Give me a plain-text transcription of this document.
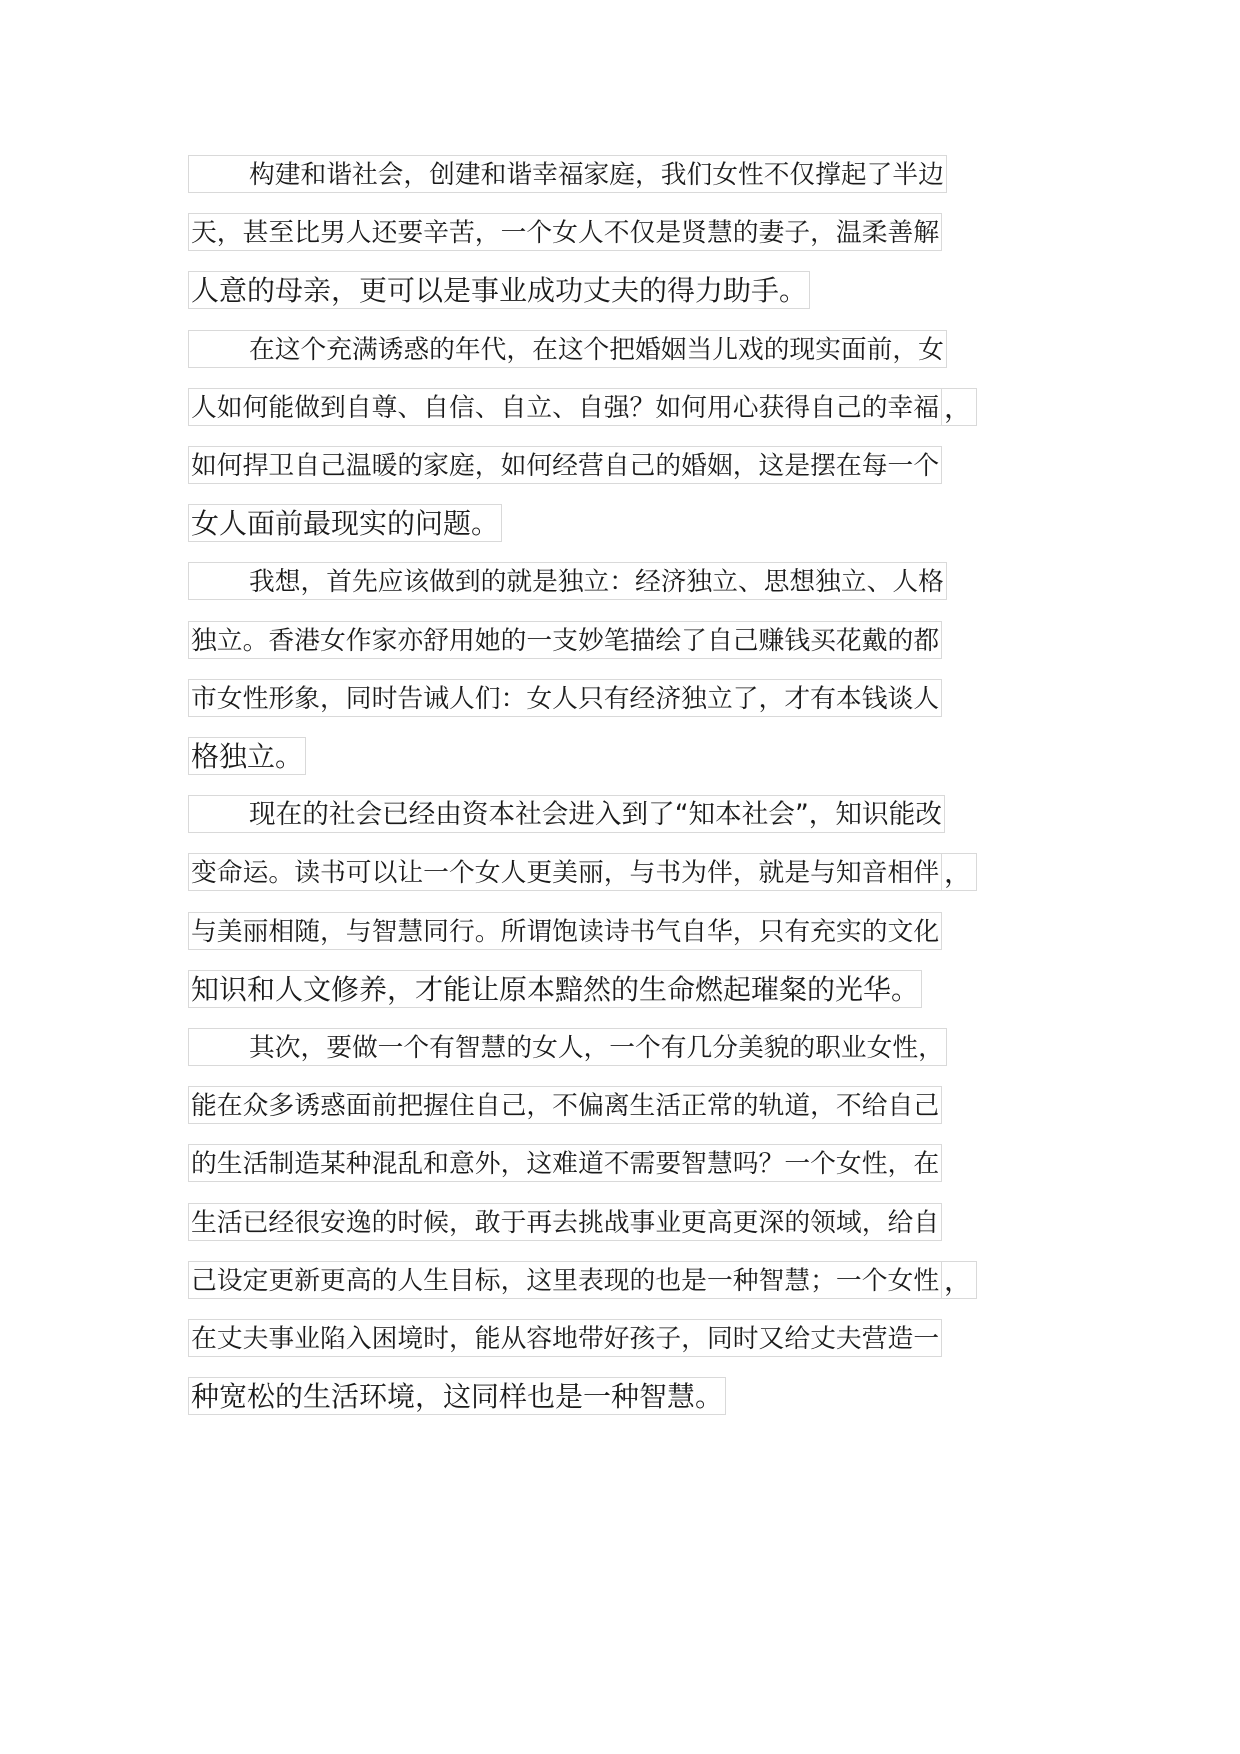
构建和谐社会，创建和谐幸福家庭，我们女性不仅撑起了半边
天，甚至比男人还要辛苦，一个女人不仅是贤慧的妻子，温柔善解
人意的母亲，更可以是事业成功丈夫的得力助手。
在这个充满诱惑的年代，在这个把婚姻当儿戏的现实面前，女
人如何能做到自尊、自信、自立、自强？如何用心获得自己的幸福 ，
如何捍卫自己温暖的家庭，如何经营自己的婚姻，这是摆在每一个
女人面前最现实的问题。
我想，首先应该做到的就是独立：经济独立、思想独立、人格
独立。香港女作家亦舒用她的一支妙笔描绘了自己赚钱买花戴的都
市女性形象，同时告诫人们：女人只有经济独立了，才有本钱谈人
格独立。
现在的社会已经由资本社会进入到了“知本社会”，知识能改
变命运。读书可以让一个女人更美丽，与书为伴，就是与知音相伴 ，
与美丽相随，与智慧同行。所谓饱读诗书气自华，只有充实的文化
知识和人文修养，才能让原本黯然的生命燃起璀粲的光华。
其次，要做一个有智慧的女人，一个有几分美貌的职业女性，
能在众多诱惑面前把握住自己，不偏离生活正常的轨道，不给自己
的生活制造某种混乱和意外，这难道不需要智慧吗？一个女性，在
生活已经很安逸的时候，敢于再去挑战事业更高更深的领域，给自
己设定更新更高的人生目标，这里表现的也是一种智慧；一个女性 ，
在丈夫事业陷入困境时，能从容地带好孩子，同时又给丈夫营造一
种宽松的生活环境，这同样也是一种智慧。
